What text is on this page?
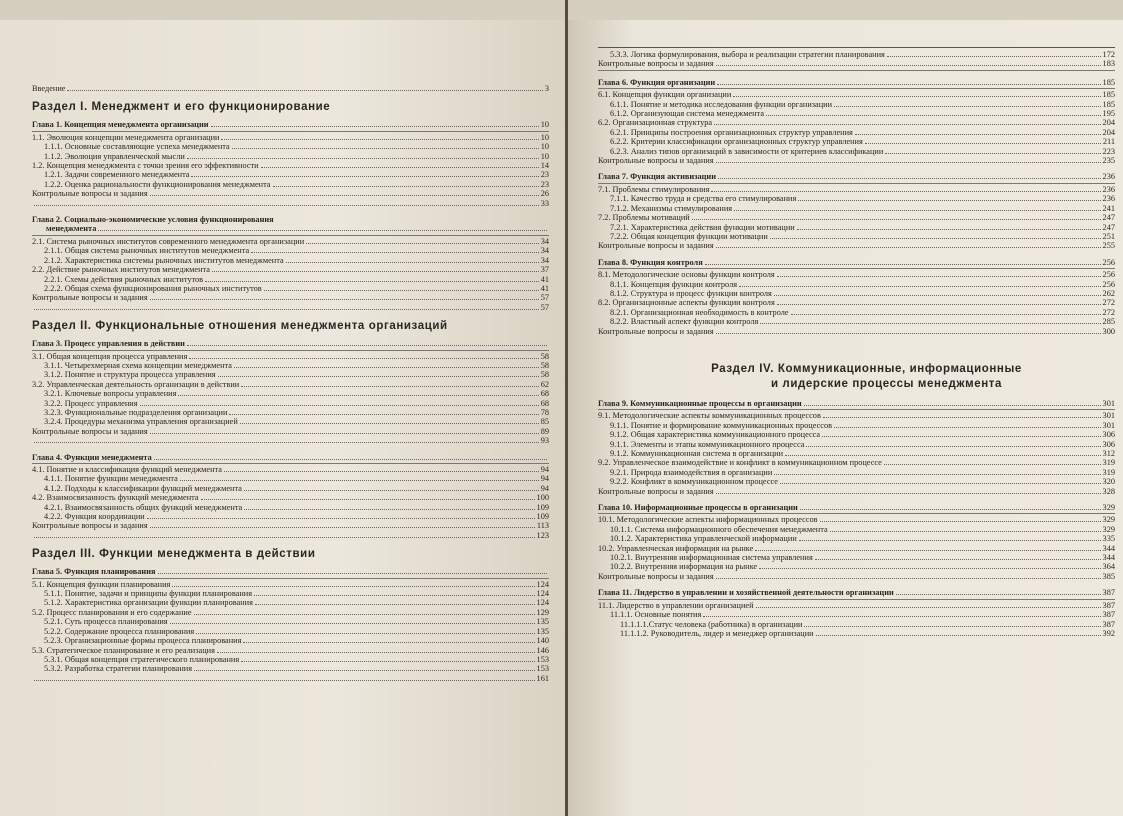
Введение	3
Раздел I. Менеджмент и его функционирование
Глава 1. Концепция менеджмента организации	10
1.1. Эволюция концепции менеджмента организации	10
1.1.1. Основные составляющие успеха менеджмента	10
1.1.2. Эволюция управленческой мысли	10
1.2. Концепция менеджмента с точки зрения его эффективности	14
1.2.1. Задачи современного менеджмента	23
1.2.2. Оценка рациональности функционирования менеджмента	23
Контрольные вопросы и задания	26
33
Глава 2. Социально-экономические условия функционирования
менеджмента
2.1. Система рыночных институтов современного менеджмента организации	34
2.1.1. Общая система рыночных институтов менеджмента	34
2.1.2. Характеристика системы рыночных институтов менеджмента	34
2.2. Действие рыночных институтов менеджмента	37
2.2.1. Схемы действия рыночных институтов	41
2.2.2. Общая схема функционирования рыночных институтов	41
Контрольные вопросы и задания	57
57
Раздел II. Функциональные отношения менеджмента организаций
Глава 3. Процесс управления в действии
3.1. Общая концепция процесса управления	58
3.1.1. Четырехмерная схема концепции менеджмента	58
3.1.2. Понятие и структура процесса управления	58
3.2. Управленческая деятельность организации в действии	62
3.2.1. Ключевые вопросы управления	68
3.2.2. Процесс управления	68
3.2.3. Функциональные подразделения организации	78
3.2.4. Процедуры механизма управления организацией	85
Контрольные вопросы и задания	89
93
Глава 4. Функции менеджмента
4.1. Понятие и классификация функций менеджмента	94
4.1.1. Понятие функции менеджмента	94
4.1.2. Подходы к классификации функций менеджмента	94
4.2. Взаимосвязанность функций менеджмента	100
4.2.1. Взаимосвязанность общих функций менеджмента	109
4.2.2. Функция координации	109
Контрольные вопросы и задания	113
123
Раздел III. Функции менеджмента в действии
Глава 5. Функция планирования
5.1. Концепция функции планирования	124
5.1.1. Понятие, задачи и принципы функции планирования	124
5.1.2. Характеристика организации функции планирования	124
5.2. Процесс планирования и его содержание	129
5.2.1. Суть процесса планирования	135
5.2.2. Содержание процесса планирования	135
5.2.3. Организационные формы процесса планирования	140
5.3. Стратегическое планирование и его реализация	146
5.3.1. Общая концепция стратегического планирования	153
5.3.2. Разработка стратегии планирования	153
161
5.3.3. Логика формулирования, выбора и реализации стратегии планирования	172
Контрольные вопросы и задания	183
Глава 6. Функция организации	185
6.1. Концепция функции организации	185
6.1.1. Понятие и методика исследования функции организации	185
6.1.2. Организующая система менеджмента	195
6.2. Организационная структура	204
6.2.1. Принципы построения организационных структур управления	204
6.2.2. Критерии классификации организационных структур управления	211
6.2.3. Анализ типов организаций в зависимости от критериев классификации	223
Контрольные вопросы и задания	235
Глава 7. Функция активизации	236
7.1. Проблемы стимулирования	236
7.1.1. Качество труда и средства его стимулирования	236
7.1.2. Механизмы стимулирования	241
7.2. Проблемы мотиваций	247
7.2.1. Характеристика действия функции мотивации	247
7.2.2. Общая концепция функции мотивации	251
Контрольные вопросы и задания	255
Глава 8. Функция контроля	256
8.1. Методологические основы функции контроля	256
8.1.1. Концепция функции контроля	256
8.1.2. Структура и процесс функции контроля	262
8.2. Организационные аспекты функции контроля	272
8.2.1. Организационная необходимость в контроле	272
8.2.2. Властный аспект функции контроля	285
Контрольные вопросы и задания	300
Раздел IV. Коммуникационные, информационные
и лидерские процессы менеджмента
Глава 9. Коммуникационные процессы в организации	301
9.1. Методологические аспекты коммуникационных процессов	301
9.1.1. Понятие и формирование коммуникационных процессов	301
9.1.2. Общая характеристика коммуникационного процесса	306
9.1.1. Элементы и этапы коммуникационного процесса	306
9.1.2. Коммуникационная система в организации	312
9.2. Управленческое взаимодействие и конфликт в коммуникационном процессе	319
9.2.1. Природа взаимодействия в организации	319
9.2.2. Конфликт в коммуникационном процессе	320
Контрольные вопросы и задания	328
Глава 10. Информационные процессы в организации	329
10.1. Методологические аспекты информационных процессов	329
10.1.1. Система информационного обеспечения менеджмента	329
10.1.2. Характеристика управленческой информации	335
10.2. Управленческая информация на рынке	344
10.2.1. Внутренняя информационная система управления	344
10.2.2. Внутренняя информация на рынке	364
Контрольные вопросы и задания	385
Глава 11. Лидерство в управлении и хозяйственной деятельности организации	387
11.1. Лидерство в управлении организацией	387
11.1.1. Основные понятия	387
11.1.1.1.Статус человека (работника) в организации	387
11.1.1.2. Руководитель, лидер и менеджер организации	392
